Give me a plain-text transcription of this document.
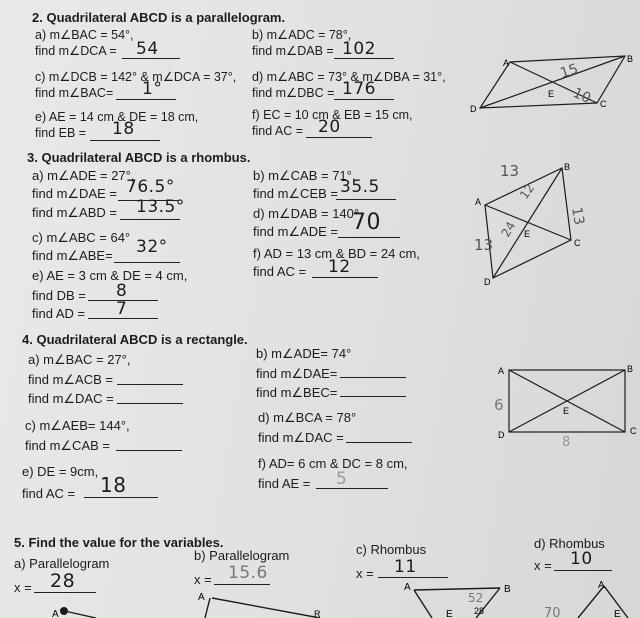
2. Quadrilateral ABCD is a parallelogram.
a) m∠BAC = 54°,
find m∠DCA = 54
b) m∠ADC = 78°,
find m∠DAB = 102
c) m∠DCB = 142° & m∠DCA = 37°,
find m∠BAC= 1°
d) m∠ABC = 73° & m∠DBA = 31°,
find m∠DBC = 176
e) AE = 14 cm & DE = 18 cm,
find EB = 18
f) EC = 10 cm & EB = 15 cm,
find AC = 20
3. Quadrilateral ABCD is a rhombus.
a) m∠ADE = 27°,
find m∠DAE = 76.5°
find m∠ABD = 13.5°
b) m∠CAB = 71°,
find m∠CEB = 35.5
c) m∠ABC = 64°
find m∠ABE= 32°
d) m∠DAB = 140°
find m∠ADE = 70
e) AE = 3 cm & DE = 4 cm,
find DB = 8
find AD = 7
f) AD = 13 cm & BD = 24 cm,
find AC = 12
4. Quadrilateral ABCD is a rectangle.
a) m∠BAC = 27°,
find m∠ACB =
find m∠DAC =
b) m∠ADE= 74°
find m∠DAE=
find m∠BEC=
c) m∠AEB= 144°,
find m∠CAB =
d) m∠BCA = 78°
find m∠DAC =
e) DE = 9cm,
find AC = 18
f) AD= 6 cm & DC = 8 cm,
find AE = 5
5. Find the value for the variables.
a) Parallelogram
x = 28
b) Parallelogram
x = 15.6
c) Rhombus
x = 11
d) Rhombus
x = 10
A	B
C
D
E
15
10
B
C
D
A
E
13
12
13
13
24
A	B
C
D
E
6
8
A
A
R
A	B
E 28
52
A
70	E
